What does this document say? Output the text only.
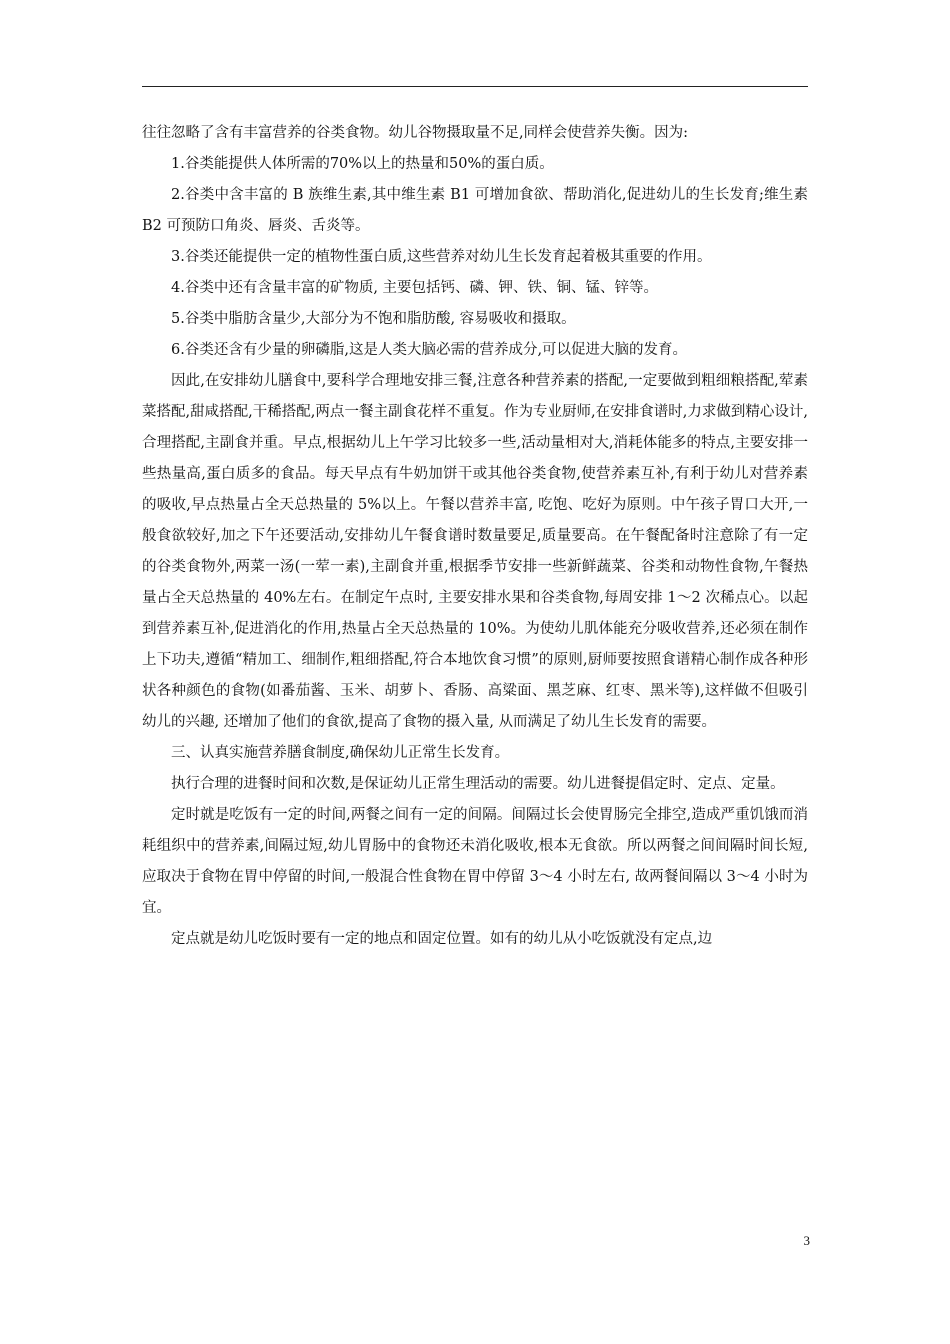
往往忽略了含有丰富营养的谷类食物。幼儿谷物摄取量不足,同样会使营养失衡。因为:

1.谷类能提供人体所需的70%以上的热量和50%的蛋白质。

2.谷类中含丰富的 B 族维生素,其中维生素 B1 可增加食欲、帮助消化,促进幼儿的生长发育;维生素 B2 可预防口角炎、唇炎、舌炎等。

3.谷类还能提供一定的植物性蛋白质,这些营养对幼儿生长发育起着极其重要的作用。

4.谷类中还有含量丰富的矿物质, 主要包括钙、磷、钾、铁、铜、锰、锌等。

5.谷类中脂肪含量少,大部分为不饱和脂肪酸, 容易吸收和摄取。

6.谷类还含有少量的卵磷脂,这是人类大脑必需的营养成分,可以促进大脑的发育。

因此,在安排幼儿膳食中,要科学合理地安排三餐,注意各种营养素的搭配,一定要做到粗细粮搭配,荤素菜搭配,甜咸搭配,干稀搭配,两点一餐主副食花样不重复。作为专业厨师,在安排食谱时,力求做到精心设计,合理搭配,主副食并重。早点,根据幼儿上午学习比较多一些,活动量相对大,消耗体能多的特点,主要安排一些热量高,蛋白质多的食品。每天早点有牛奶加饼干或其他谷类食物,使营养素互补,有利于幼儿对营养素的吸收,早点热量占全天总热量的 5%以上。午餐以营养丰富, 吃饱、吃好为原则。中午孩子胃口大开,一般食欲较好,加之下午还要活动,安排幼儿午餐食谱时数量要足,质量要高。在午餐配备时注意除了有一定的谷类食物外,两菜一汤(一荤一素),主副食并重,根据季节安排一些新鲜蔬菜、谷类和动物性食物,午餐热量占全天总热量的 40%左右。在制定午点时, 主要安排水果和谷类食物,每周安排 1～2 次稀点心。以起到营养素互补,促进消化的作用,热量占全天总热量的 10%。为使幼儿肌体能充分吸收营养,还必须在制作上下功夫,遵循“精加工、细制作,粗细搭配,符合本地饮食习惯”的原则,厨师要按照食谱精心制作成各种形状各种颜色的食物(如番茄酱、玉米、胡萝卜、香肠、高粱面、黑芝麻、红枣、黑米等),这样做不但吸引幼儿的兴趣, 还增加了他们的食欲,提高了食物的摄入量, 从而满足了幼儿生长发育的需要。

三、认真实施营养膳食制度,确保幼儿正常生长发育。

执行合理的进餐时间和次数,是保证幼儿正常生理活动的需要。幼儿进餐提倡定时、定点、定量。

定时就是吃饭有一定的时间,两餐之间有一定的间隔。间隔过长会使胃肠完全排空,造成严重饥饿而消耗组织中的营养素,间隔过短,幼儿胃肠中的食物还未消化吸收,根本无食欲。所以两餐之间间隔时间长短,应取决于食物在胃中停留的时间,一般混合性食物在胃中停留 3～4 小时左右, 故两餐间隔以 3～4 小时为宜。

定点就是幼儿吃饭时要有一定的地点和固定位置。如有的幼儿从小吃饭就没有定点,边

3
